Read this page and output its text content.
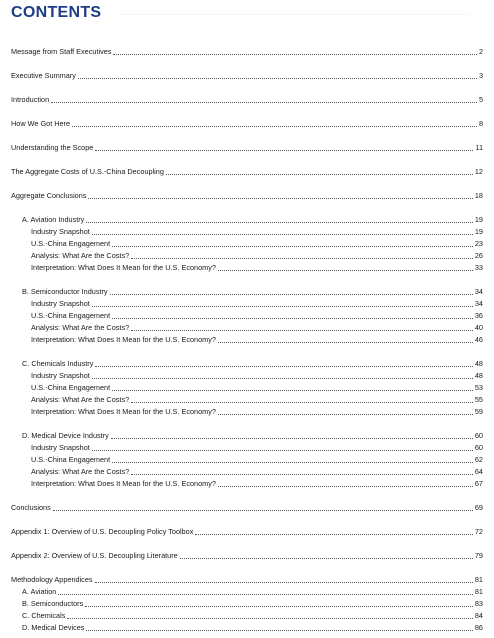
CONTENTS
Message from Staff Executives	2
Executive Summary	3
Introduction	5
How We Got Here	8
Understanding the Scope	11
The Aggregate Costs of U.S.-China Decoupling	12
Aggregate Conclusions	18
A. Aviation Industry	19
Industry Snapshot	19
U.S.-China Engagement	23
Analysis: What Are the Costs?	26
Interpretation: What Does It Mean for the U.S. Economy?	33
B. Semiconductor Industry	34
Industry Snapshot	34
U.S.-China Engagement	36
Analysis: What Are the Costs?	40
Interpretation: What Does It Mean for the U.S. Economy?	46
C. Chemicals Industry	48
Industry Snapshot	48
U.S.-China Engagement	53
Analysis: What Are the Costs?	55
Interpretation: What Does It Mean for the U.S. Economy?	59
D. Medical Device Industry	60
Industry Snapshot	60
U.S.-China Engagement	62
Analysis: What Are the Costs?	64
Interpretation: What Does It Mean for the U.S. Economy?	67
Conclusions	69
Appendix 1: Overview of U.S. Decoupling Policy Toolbox	72
Appendix 2: Overview of U.S. Decoupling Literature	79
Methodology Appendices	81
A. Aviation	81
B. Semiconductors	83
C. Chemicals	84
D. Medical Devices	86
